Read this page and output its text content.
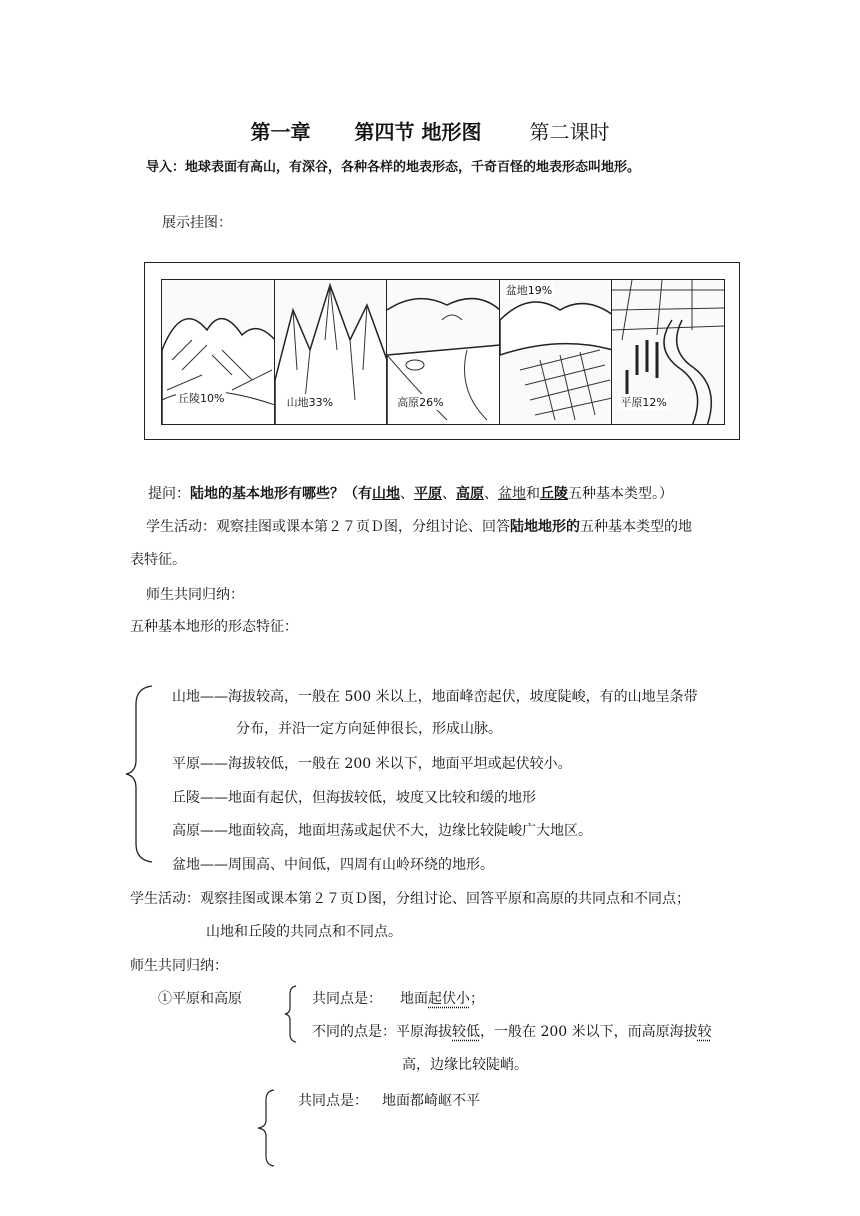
第一章 第四节 地形图 第二课时
导入：地球表面有高山，有深谷，各种各样的地表形态，千奇百怪的地表形态叫地形。
展示挂图：
丘陵10%	山地33%	高原26%
盆地19%
平原12%
提问：陆地的基本地形有哪些？（有山地、平原、高原、盆地和丘陵五种基本类型。）
学生活动：观察挂图或课本第２７页Ｄ图，分组讨论、回答陆地地形的五种基本类型的地
表特征。
师生共同归纳：
五种基本地形的形态特征：
山地——海拔较高，一般在 500 米以上，地面峰峦起伏，坡度陡峻，有的山地呈条带
分布，并沿一定方向延伸很长，形成山脉。
平原——海拔较低，一般在 200 米以下，地面平坦或起伏较小。
丘陵——地面有起伏，但海拔较低，坡度又比较和缓的地形
高原——地面较高，地面坦荡或起伏不大，边缘比较陡峻广大地区。
盆地——周围高、中间低，四周有山岭环绕的地形。
学生活动：观察挂图或课本第２７页Ｄ图，分组讨论、回答平原和高原的共同点和不同点；
山地和丘陵的共同点和不同点。
师生共同归纳：
①平原和高原	共同点是： 地面起伏小；
不同的点是：平原海拔较低，一般在 200 米以下，而高原海拔较
高，边缘比较陡峭。
共同点是： 地面都崎岖不平
